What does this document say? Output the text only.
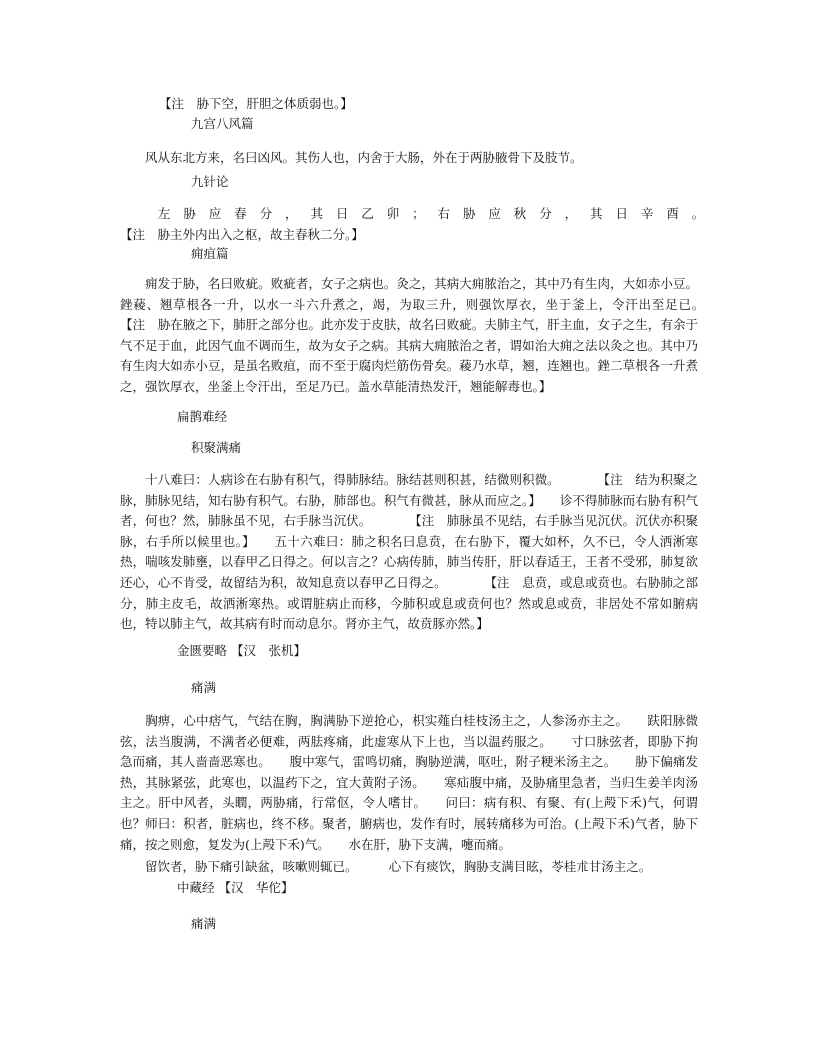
【注　胁下空，肝胆之体质弱也。】
九宫八风篇

风从东北方来，名曰凶风。其伤人也，内舍于大肠，外在于两胁腋骨下及肢节。

九针论

左胁应春分，其日乙卯；右胁应秋分，其日辛酉。　　　　【注　胁主外内出入之枢，故主春秋二分。】

痈疽篇

痈发于胁，名曰败疵。败疵者，女子之病也。灸之，其病大痈脓治之，其中乃有生肉，大如赤小豆。銼薐、翘草根各一升，以水一斗六升煮之，竭，为取三升，则强饮厚衣，坐于釜上，令汗出至足已。　　　　【注　胁在腋之下，肺肝之部分也。此亦发于皮肤，故名曰败疵。夫肺主气，肝主血，女子之生，有余于气不足于血，此因气血不调而生，故为女子之病。其病大痈脓治之者，谓如治大痈之法以灸之也。其中乃有生肉大如赤小豆，是虽名败疽，而不至于腐肉烂筋伤骨矣。薐乃水草，翘，连翘也。銼二草根各一升煮之，强饮厚衣，坐釜上令汗出，至足乃已。盖水草能清热发汗，翘能解毒也。】

扁鹊难经
积聚满痛

十八难曰：人病诊在右胁有积气，得肺脉结。脉结甚则积甚，结微则积微。　　　　	【注　结为积聚之脉，肺脉见结，知右胁有积气。右胁，肺部也。积气有微甚，脉从而应之。】　　 诊不得肺脉而右胁有积气者，何也？然，肺脉虽不见，右手脉当沉伏。　　　　	【注　肺脉虽不见结，右手脉当见沉伏。沉伏亦积聚脉，右手所以候里也。】　　 五十六难曰：肺之积名曰息贲，在右胁下，覆大如杯，久不已，令人洒淅寒热，喘咳发肺壅，以春甲乙日得之。何以言之？心病传肺，肺当传肝，肝以春适王，王者不受邪，肺复欲还心，心不肯受，故留结为积，故知息贲以春甲乙日得之。　　　　	【注　息贲，或息或贲也。右胁肺之部分，肺主皮毛，故洒淅寒热。或谓脏病止而移，今肺积或息或贲何也？然或息或贲，非居处不常如腑病也，特以肺主气，故其病有时而动息尔。肾亦主气，故贲豚亦然。】

金匮要略 【汉　张机】
痛满

胸痹，心中痞气，气结在胸，胸满胁下逆抢心，枳实薤白桂枝汤主之，人参汤亦主之。　　 趺阳脉微弦，法当腹满，不满者必便难，两胠疼痛，此虚寒从下上也，当以温药服之。　　 寸口脉弦者，即胁下拘急而痛，其人啬啬恶寒也。　　 腹中寒气，雷鸣切痛，胸胁逆满，呕吐，附子粳米汤主之。　　 胁下偏痛发热，其脉紧弦，此寒也，以温药下之，宜大黄附子汤。　　 寒疝腹中痛，及胁痛里急者，当归生姜羊肉汤主之。肝中风者，头瞤，两胁痛，行常伛，令人嗜甘。　　 问曰：病有积、有聚、有(上殸下禾)气，何谓也？师曰：积者，脏病也，终不移。聚者，腑病也，发作有时，展转痛移为可治。(上殸下禾)气者，胁下痛，按之则愈，复发为(上殸下禾)气。　　 水在肝，胁下支满，嚏而痛。

留饮者，胁下痛引缺盆，咳嗽则辄已。　　　	心下有痰饮，胸胁支满目眩，苓桂朮甘汤主之。

中藏经 【汉　华佗】
痛满
